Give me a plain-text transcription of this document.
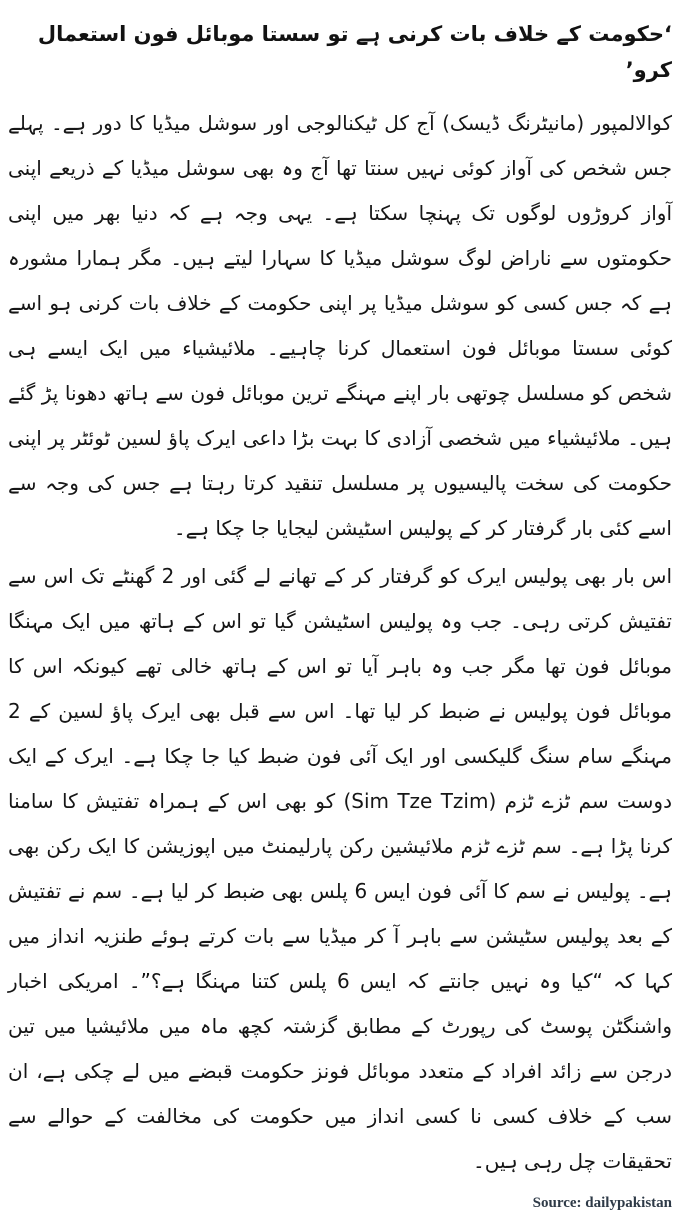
‘حکومت کے خلاف بات کرنی ہے تو سستا موبائل فون استعمال کرو’

کوالالمپور (مانیٹرنگ ڈیسک) آج کل ٹیکنالوجی اور سوشل میڈیا کا دور ہے۔ پہلے جس شخص کی آواز کوئی نہیں سنتا تھا آج وہ بھی سوشل میڈیا کے ذریعے اپنی آواز کروڑوں لوگوں تک پہنچا سکتا ہے۔ یہی وجہ ہے کہ دنیا بھر میں اپنی حکومتوں سے ناراض لوگ سوشل میڈیا کا سہارا لیتے ہیں۔ مگر ہمارا مشورہ ہے کہ جس کسی کو سوشل میڈیا پر اپنی حکومت کے خلاف بات کرنی ہو اسے کوئی سستا موبائل فون استعمال کرنا چاہیے۔ ملائیشیاء میں ایک ایسے ہی شخص کو مسلسل چوتھی بار اپنے مہنگے ترین موبائل فون سے ہاتھ دھونا پڑ گئے ہیں۔ ملائیشیاء میں شخصی آزادی کا بہت بڑا داعی ایرک پاؤ لسین ٹوئٹر پر اپنی حکومت کی سخت پالیسیوں پر مسلسل تنقید کرتا رہتا ہے جس کی وجہ سے اسے کئی بار گرفتار کر کے پولیس اسٹیشن لیجایا جا چکا ہے۔

اس بار بھی پولیس ایرک کو گرفتار کر کے تھانے لے گئی اور 2 گھنٹے تک اس سے تفتیش کرتی رہی۔ جب وہ پولیس اسٹیشن گیا تو اس کے ہاتھ میں ایک مہنگا موبائل فون تھا مگر جب وہ باہر آیا تو اس کے ہاتھ خالی تھے کیونکہ اس کا موبائل فون پولیس نے ضبط کر لیا تھا۔ اس سے قبل بھی ایرک پاؤ لسین کے 2 مہنگے سام سنگ گلیکسی اور ایک آئی فون ضبط کیا جا چکا ہے۔ ایرک کے ایک دوست سم ٹزے ٹزم (Sim Tze Tzim) کو بھی اس کے ہمراہ تفتیش کا سامنا کرنا پڑا ہے۔ سم ٹزے ٹزم ملائیشین رکن پارلیمنٹ میں اپوزیشن کا ایک رکن بھی ہے۔ پولیس نے سم کا آئی فون ایس 6 پلس بھی ضبط کر لیا ہے۔ سم نے تفتیش کے بعد پولیس سٹیشن سے باہر آ کر میڈیا سے بات کرتے ہوئے طنزیہ انداز میں کہا کہ “کیا وہ نہیں جانتے کہ ایس 6 پلس کتنا مہنگا ہے؟”۔ امریکی اخبار واشنگٹن پوسٹ کی رپورٹ کے مطابق گزشتہ کچھ ماہ میں ملائیشیا میں تین درجن سے زائد افراد کے متعدد موبائل فونز حکومت قبضے میں لے چکی ہے، ان سب کے خلاف کسی نا کسی انداز میں حکومت کی مخالفت کے حوالے سے تحقیقات چل رہی ہیں۔

Source: dailypakistan
